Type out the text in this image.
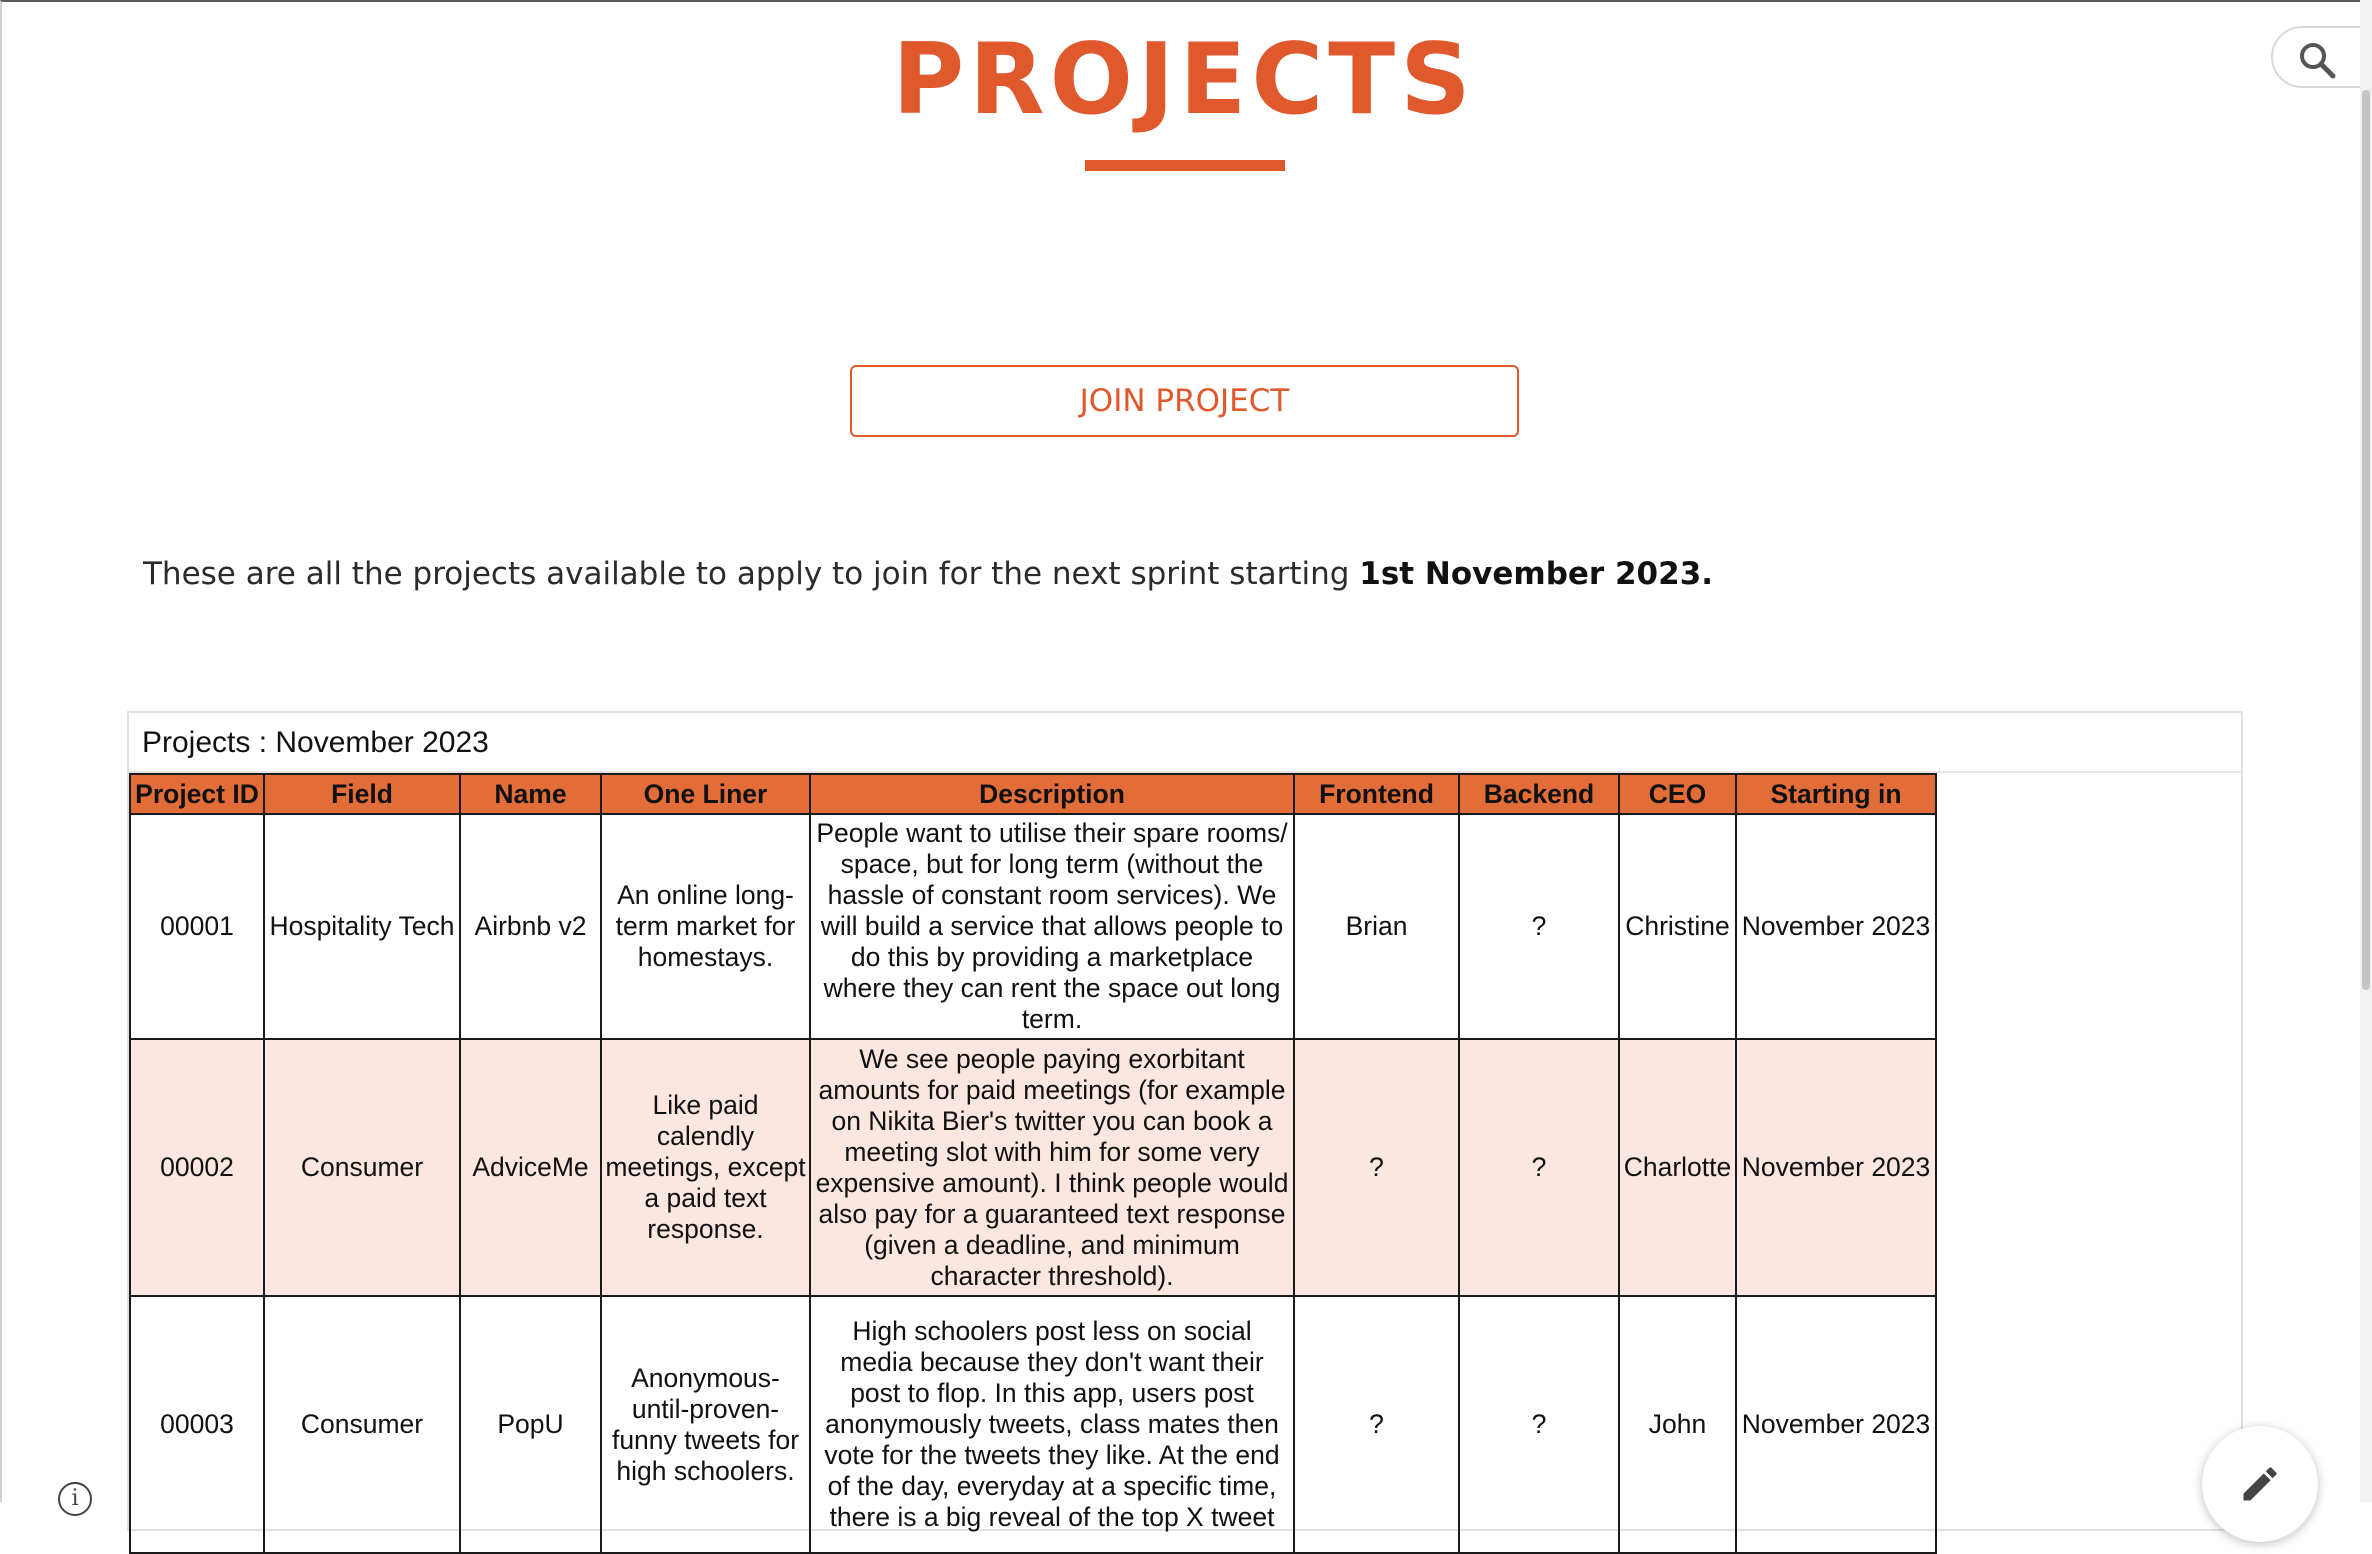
PROJECTS
JOIN PROJECT

These are all the projects available to apply to join for the next sprint starting 1st November 2023.

Projects : November 2023
Project ID	Field	Name	One Liner	Description	Frontend	Backend	CEO	Starting in
00001	Hospitality Tech	Airbnb v2	An online long-term market for homestays.	People want to utilise their spare rooms/ space, but for long term (without the hassle of constant room services). We will build a service that allows people to do this by providing a marketplace where they can rent the space out long term.	Brian	?	Christine	November 2023
00002	Consumer	AdviceMe	Like paid calendly meetings, except a paid text response.	We see people paying exorbitant amounts for paid meetings (for example on Nikita Bier's twitter you can book a meeting slot with him for some very expensive amount). I think people would also pay for a guaranteed text response (given a deadline, and minimum character threshold).	?	?	Charlotte	November 2023
00003	Consumer	PopU	Anonymous-until-proven-funny tweets for high schoolers.	High schoolers post less on social media because they don't want their post to flop. In this app, users post anonymously tweets, class mates then vote for the tweets they like. At the end of the day, everyday at a specific time, there is a big reveal of the top X tweet	?	?	John	November 2023
i
